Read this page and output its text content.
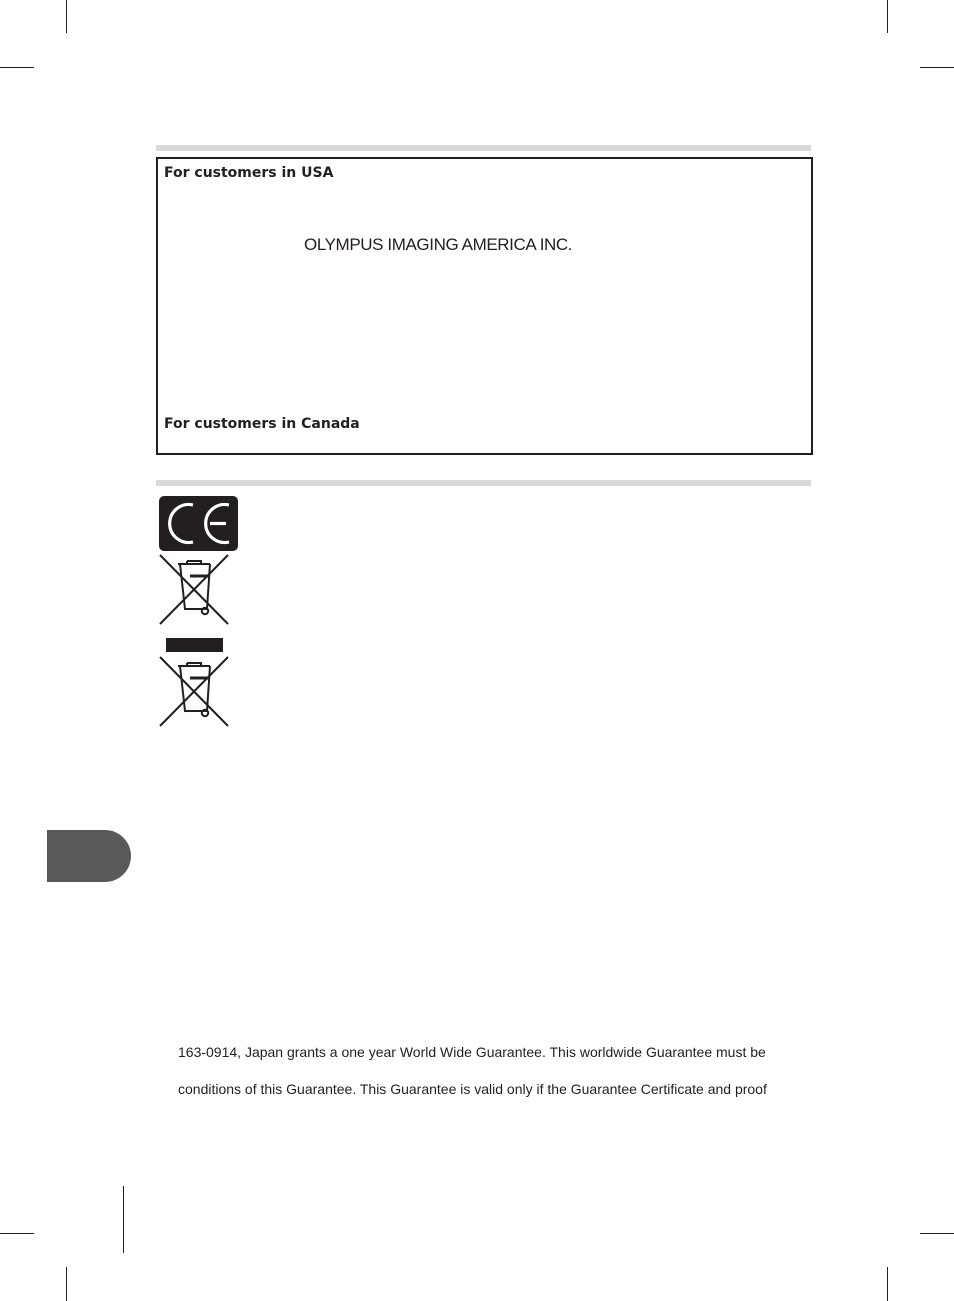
For customers in USA
OLYMPUS IMAGING AMERICA INC.
For customers in Canada
163-0914, Japan grants a one year World Wide Guarantee. This worldwide Guarantee must be
conditions of this Guarantee. This Guarantee is valid only if the Guarantee Certificate and proof
